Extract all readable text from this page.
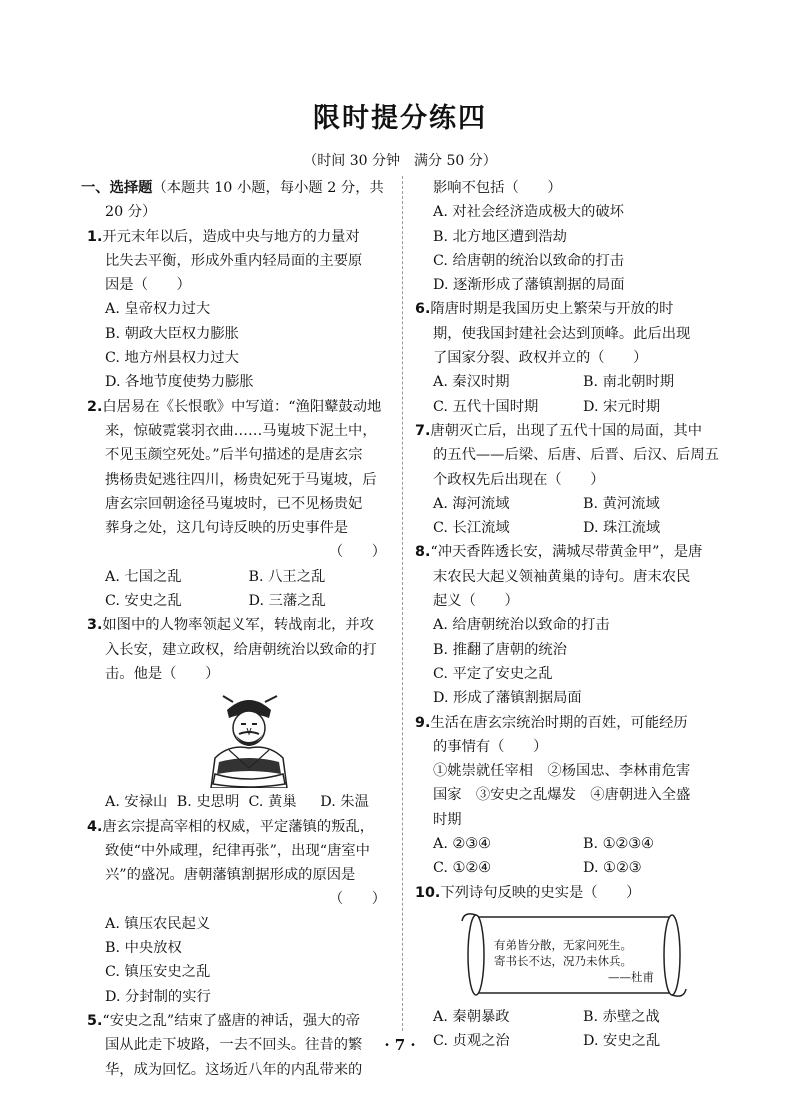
限时提分练四
（时间 30 分钟　满分 50 分）
一、选择题（本题共 10 小题，每小题 2 分，共
20 分）
1.开元末年以后，造成中央与地方的力量对
比失去平衡，形成外重内轻局面的主要原
因是（　　）
A. 皇帝权力过大
B. 朝政大臣权力膨胀
C. 地方州县权力过大
D. 各地节度使势力膨胀
2.白居易在《长恨歌》中写道：“渔阳鼙鼓动地
来，惊破霓裳羽衣曲……马嵬坡下泥土中，
不见玉颜空死处。”后半句描述的是唐玄宗
携杨贵妃逃往四川，杨贵妃死于马嵬坡，后
唐玄宗回朝途径马嵬坡时，已不见杨贵妃
葬身之处，这几句诗反映的历史事件是
（　　）
A. 七国之乱	B. 八王之乱
C. 安史之乱	D. 三藩之乱
3.如图中的人物率领起义军，转战南北，并攻
入长安，建立政权，给唐朝统治以致命的打
击。他是（　　）
A. 安禄山 B. 史思明 C. 黄巢	D. 朱温
4.唐玄宗提高宰相的权威，平定藩镇的叛乱，
致使“中外咸理，纪律再张”，出现“唐室中
兴”的盛况。唐朝藩镇割据形成的原因是
（　　）
A. 镇压农民起义
B. 中央放权
C. 镇压安史之乱
D. 分封制的实行
5.“安史之乱”结束了盛唐的神话，强大的帝
国从此走下坡路，一去不回头。往昔的繁
华，成为回忆。这场近八年的内乱带来的
影响不包括（　　）
A. 对社会经济造成极大的破坏
B. 北方地区遭到浩劫
C. 给唐朝的统治以致命的打击
D. 逐渐形成了藩镇割据的局面
6.隋唐时期是我国历史上繁荣与开放的时
期，使我国封建社会达到顶峰。此后出现
了国家分裂、政权并立的（　　）
A. 秦汉时期	B. 南北朝时期
C. 五代十国时期	D. 宋元时期
7.唐朝灭亡后，出现了五代十国的局面，其中
的五代——后梁、后唐、后晋、后汉、后周五
个政权先后出现在（　　）
A. 海河流域	B. 黄河流域
C. 长江流域	D. 珠江流域
8.“冲天香阵透长安，满城尽带黄金甲”，是唐
末农民大起义领袖黄巢的诗句。唐末农民
起义（　　）
A. 给唐朝统治以致命的打击
B. 推翻了唐朝的统治
C. 平定了安史之乱
D. 形成了藩镇割据局面
9.生活在唐玄宗统治时期的百姓，可能经历
的事情有（　　）
①姚崇就任宰相　②杨国忠、李林甫危害
国家　③安史之乱爆发　④唐朝进入全盛
时期
A. ②③④	B. ①②③④
C. ①②④	D. ①②③
10.下列诗句反映的史实是（　　）
有弟皆分散，无家问死生。
寄书长不达，况乃未休兵。
——杜甫
A. 秦朝暴政	B. 赤壁之战
C. 贞观之治	D. 安史之乱
· 7 ·
